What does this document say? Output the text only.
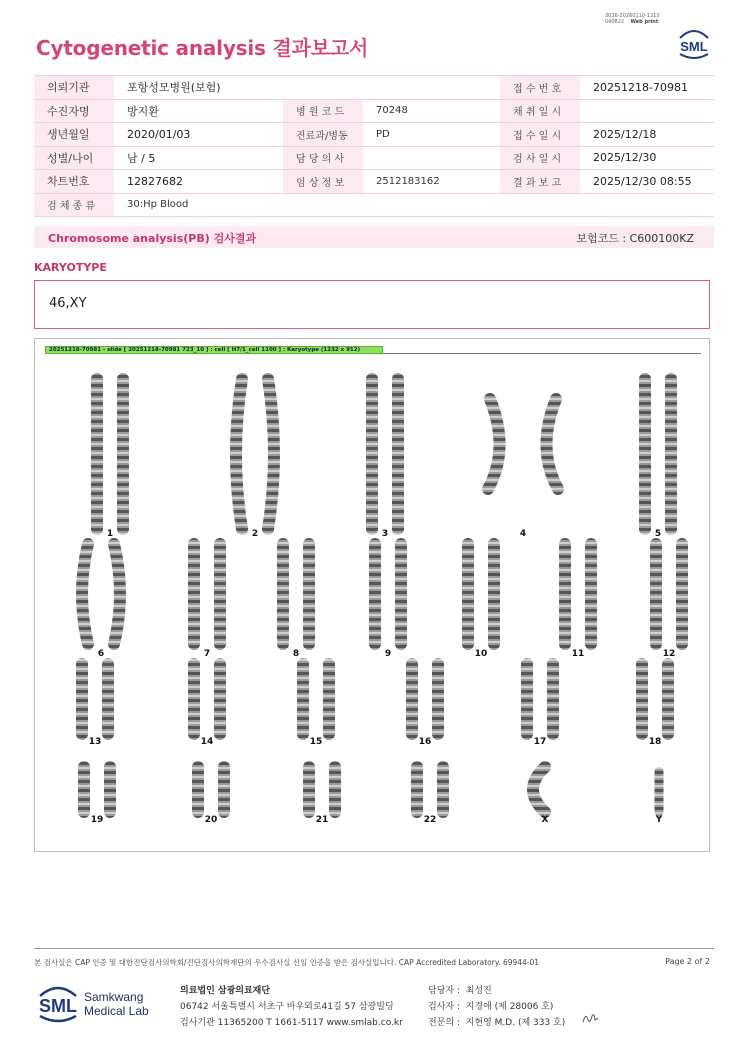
3036-20260110-1213
040822 Web print
Cytogenetic analysis 결과보고서	SML
의뢰기관	포항성모병원(보험)			접 수 번 호	20251218-70981
수진자명	방지환	병 원 코 드	70248	채 취 일 시	
생년월일	2020/01/03	진료과/병동	PD	접 수 일 시	2025/12/18
성별/나이	남 / 5	담 당 의 사		검 사 일 시	2025/12/30
차트번호	12827682	임 상 정 보	2512183162	결 과 보 고	2025/12/30 08:55
검 체 종 류	30:Hp Blood				
Chromosome analysis(PB) 검사결과	보험코드 : C600100KZ
KARYOTYPE
46,XY
20251218-70981 - slide [ 20251218-70981 723_10 ] : cell [ H7/1_cell 1100 ] : Karyotype (1232 x 912)
1	2	3	4	5
6	7	8	9	10	11	12
13	14	15	16	17	18
19	20	21	22	X	Y
본 검사실은 CAP 인증 및 대한진단검사의학회/진단검사의학재단의 우수검사실 신임 인증을 받은 검사실입니다. CAP Accredited Laboratory. 69944-01	Page 2 of 2
SML Samkwang
Medical Lab
의료법인 삼광의료재단
06742 서울특별시 서초구 바우뫼로41길 57 삼광빌딩
검사기관 11365200 T 1661-5117 www.smlab.co.kr
담당자 : 최성진
검사자 : 지경애 (제 28006 호)
전문의 : 지현영 M.D. (제 333 호)
